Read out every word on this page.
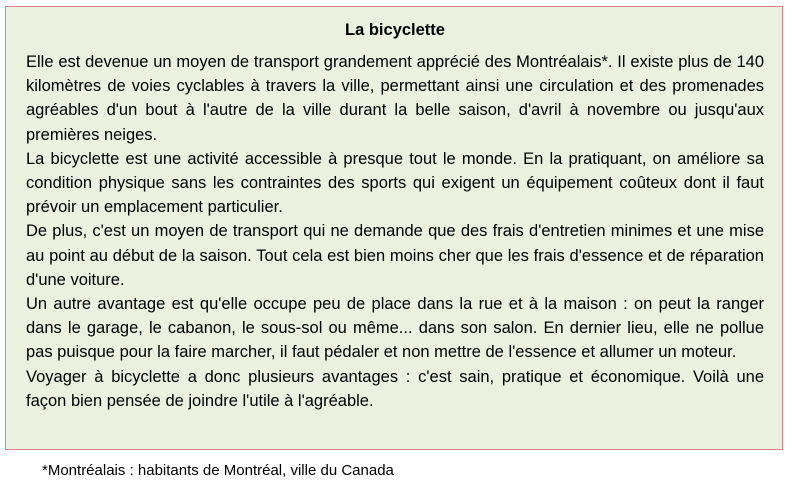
La bicyclette

Elle est devenue un moyen de transport grandement apprécié des Montréalais*. Il existe plus de 140 kilomètres de voies cyclables à travers la ville, permettant ainsi une circulation et des promenades agréables d'un bout à l'autre de la ville durant la belle saison, d'avril à novembre ou jusqu'aux premières neiges.

La bicyclette est une activité accessible à presque tout le monde. En la pratiquant, on améliore sa condition physique sans les contraintes des sports qui exigent un équipement coûteux dont il faut prévoir un emplacement particulier.

De plus, c'est un moyen de transport qui ne demande que des frais d'entretien minimes et une mise au point au début de la saison. Tout cela est bien moins cher que les frais d'essence et de réparation d'une voiture.

Un autre avantage est qu'elle occupe peu de place dans la rue et à la maison : on peut la ranger dans le garage, le cabanon, le sous-sol ou même... dans son salon. En dernier lieu, elle ne pollue pas puisque pour la faire marcher, il faut pédaler et non mettre de l'essence et allumer un moteur.

Voyager à bicyclette a donc plusieurs avantages : c'est sain, pratique et économique. Voilà une façon bien pensée de joindre l'utile à l'agréable.

*Montréalais : habitants de Montréal, ville du Canada
